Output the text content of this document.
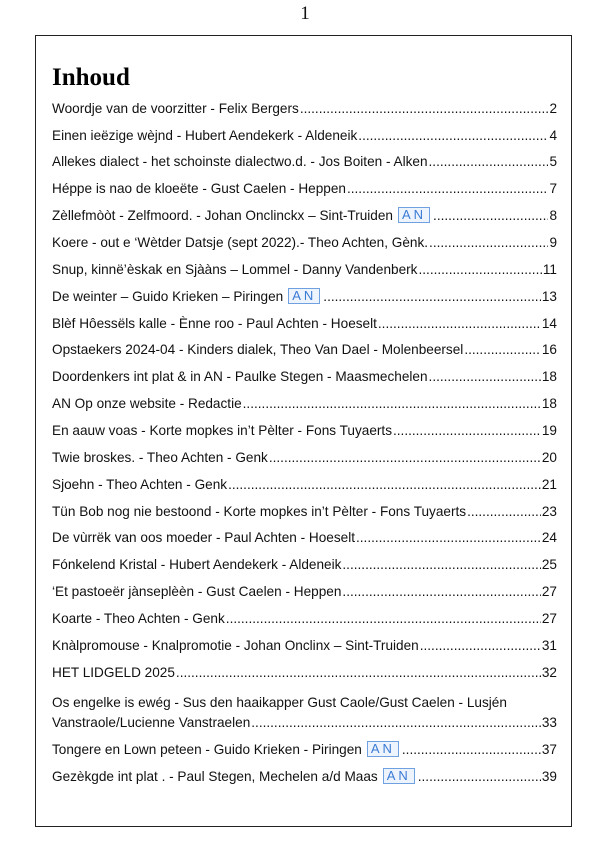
1
Inhoud
Woordje van de voorzitter - Felix Bergers .....	2
Einen ieëzige wèjnd - Hubert Aendekerk - Aldeneik .....	4
Allekes dialect - het schoinste dialectwo.d. - Jos Boiten - Alken .....	5
Héppe is nao de kloeëte - Gust Caelen - Heppen .....	7
Zèllefmòòt - Zelfmoord. - Johan Onclinckx – Sint-Truiden AN .....	8
Koere - out e ‘Wètder Datsje (sept 2022).- Theo Achten, Gènk. .....	9
Snup, kinnë’èskak en Sjààns – Lommel - Danny Vandenberk .....	11
De weinter – Guido Krieken – Piringen AN .....	13
Blèf Hôessëls kalle - Ènne roo - Paul Achten - Hoeselt .....	14
Opstaekers 2024-04 - Kinders dialek, Theo Van Dael - Molenbeersel .....	16
Doordenkers int plat & in AN - Paulke Stegen - Maasmechelen .....	18
AN Op onze website - Redactie .....	18
En aauw voas - Korte mopkes in’t Pèlter - Fons Tuyaerts .....	19
Twie broskes. - Theo Achten - Genk .....	20
Sjoehn - Theo Achten - Genk .....	21
Tün Bob nog nie bestoond - Korte mopkes in’t Pèlter - Fons Tuyaerts .....	23
De vùrrëk van oos moeder - Paul Achten - Hoeselt .....	24
Fónkelend Kristal - Hubert Aendekerk - Aldeneik .....	25
‘Et pastoeër jànseplèèn - Gust Caelen - Heppen .....	27
Koarte - Theo Achten - Genk .....	27
Knàlpromouse - Knalpromotie - Johan Onclinx – Sint-Truiden .....	31
HET LIDGELD 2025 .....	32
Os engelke is ewég - Sus den haaikapper Gust Caole/Gust Caelen - Lusjén
Vanstraole/Lucienne Vanstraelen .....	33
Tongere en Lown peteen - Guido Krieken - Piringen AN .....	37
Gezèkgde int plat . - Paul Stegen, Mechelen a/d Maas AN .....	39
